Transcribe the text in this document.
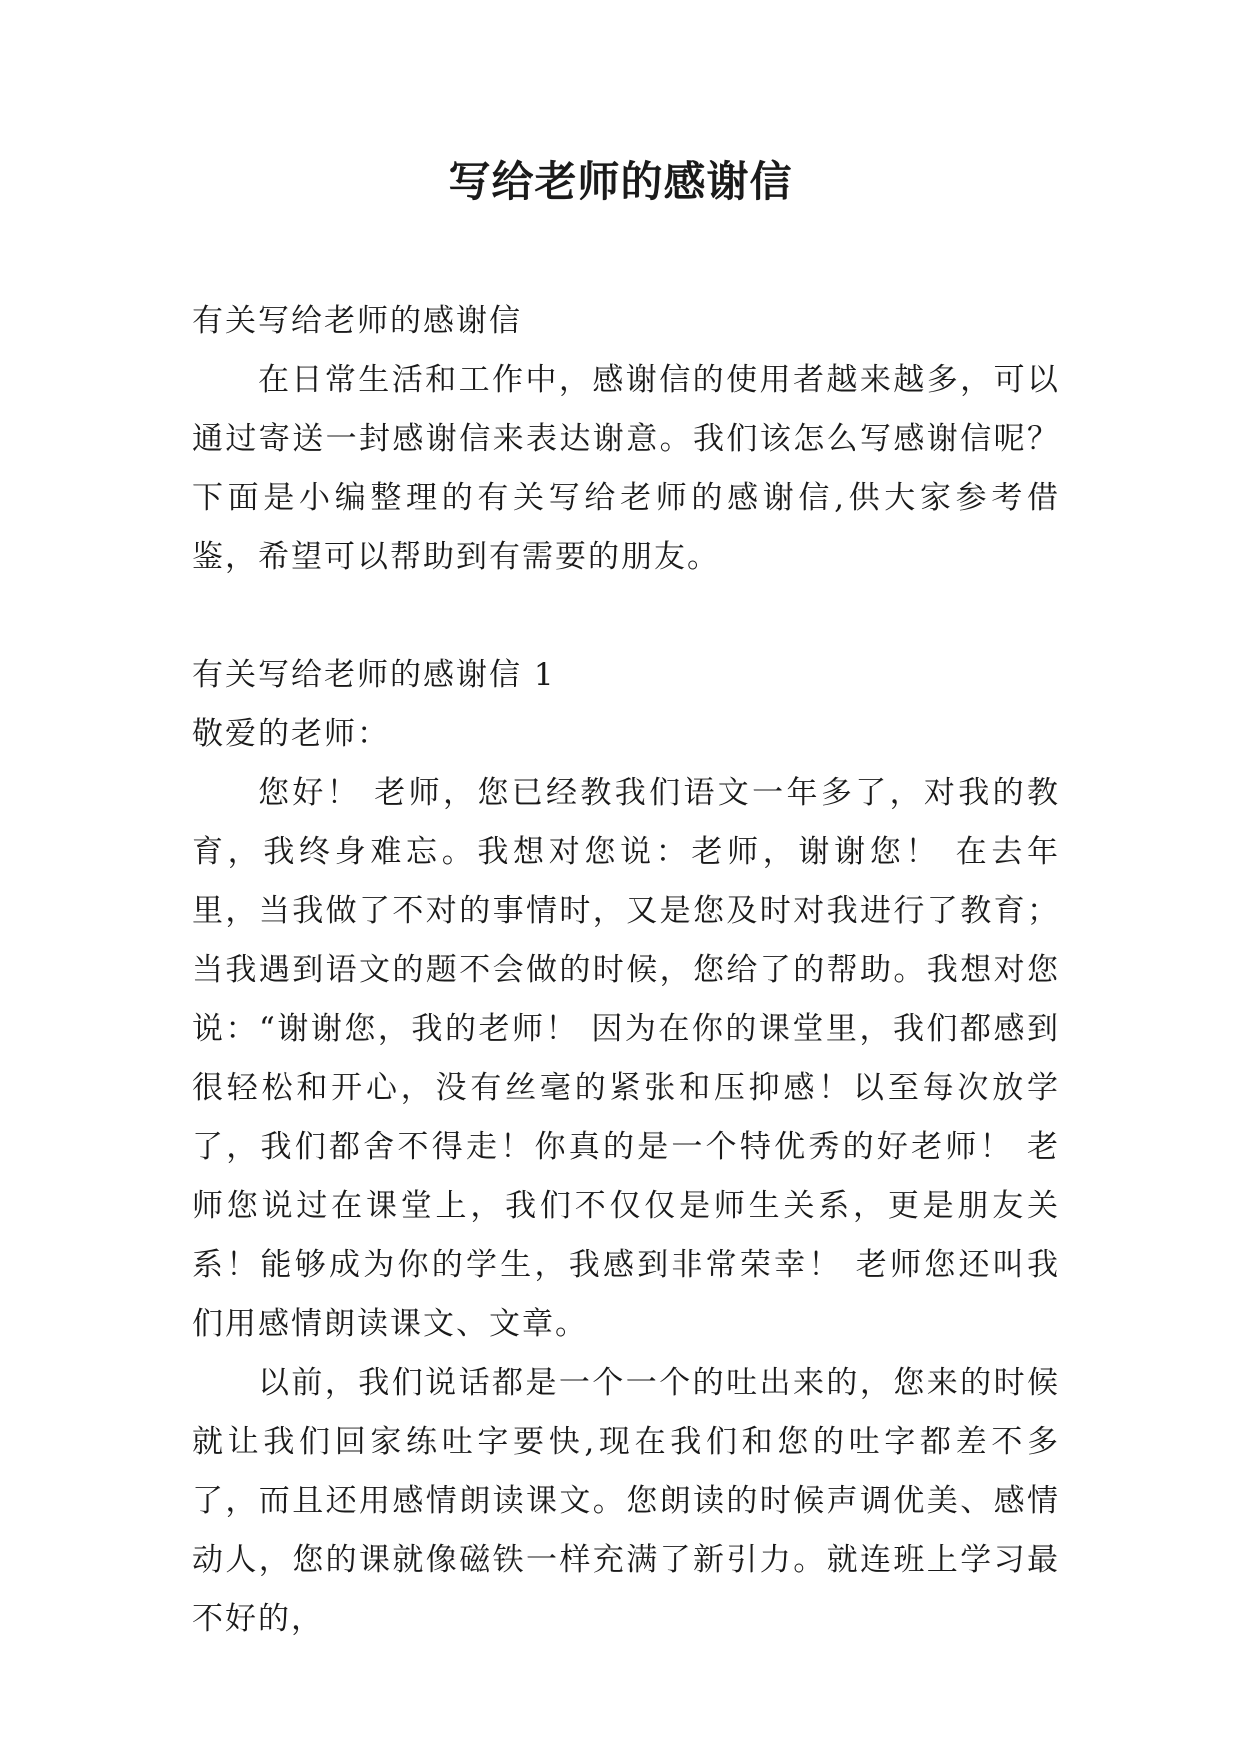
写给老师的感谢信

有关写给老师的感谢信

在日常生活和工作中，感谢信的使用者越来越多，可以通过寄送一封感谢信来表达谢意。我们该怎么写感谢信呢？下面是小编整理的有关写给老师的感谢信,供大家参考借鉴，希望可以帮助到有需要的朋友。

有关写给老师的感谢信 1

敬爱的老师：

您好！ 老师，您已经教我们语文一年多了，对我的教育，我终身难忘。我想对您说：老师，谢谢您！ 在去年里，当我做了不对的事情时，又是您及时对我进行了教育；当我遇到语文的题不会做的时候，您给了的帮助。我想对您说：“谢谢您，我的老师！ 因为在你的课堂里，我们都感到很轻松和开心，没有丝毫的紧张和压抑感！以至每次放学了，我们都舍不得走！你真的是一个特优秀的好老师！ 老师您说过在课堂上，我们不仅仅是师生关系，更是朋友关系！能够成为你的学生，我感到非常荣幸！ 老师您还叫我们用感情朗读课文、文章。

以前，我们说话都是一个一个的吐出来的，您来的时候就让我们回家练吐字要快,现在我们和您的吐字都差不多了，而且还用感情朗读课文。您朗读的时候声调优美、感情动人，您的课就像磁铁一样充满了新引力。就连班上学习最不好的，
